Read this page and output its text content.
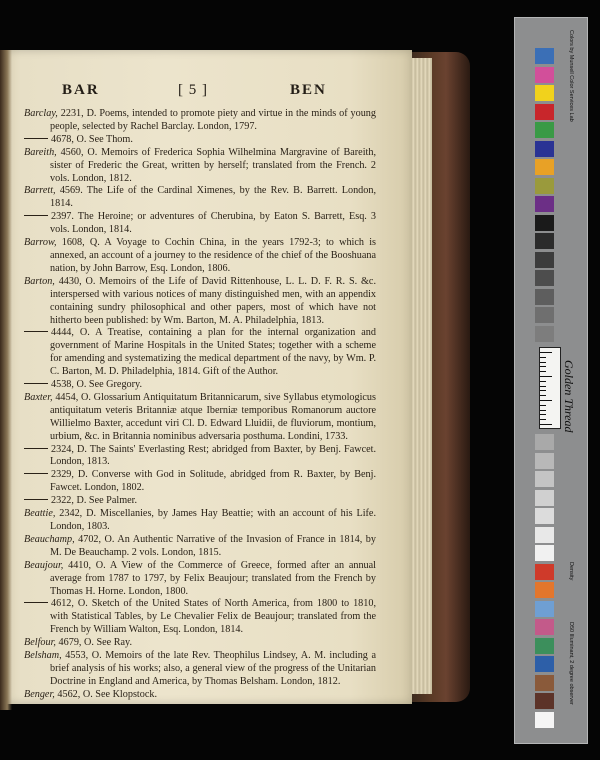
BAR	[ 5 ]	BEN

Barclay, 2231, D. Poems, intended to promote piety and virtue in the minds of young people, selected by Rachel Barclay. London, 1797.

4678, O. See Thom.

Bareith, 4560, O. Memoirs of Frederica Sophia Wilhelmina Margravine of Bareith, sister of Frederic the Great, written by herself; translated from the French. 2 vols. London, 1812.

Barrett, 4569. The Life of the Cardinal Ximenes, by the Rev. B. Barrett. London, 1814.

2397. The Heroine; or adventures of Cherubina, by Eaton S. Barrett, Esq. 3 vols. London, 1814.

Barrow, 1608, Q. A Voyage to Cochin China, in the years 1792-3; to which is annexed, an account of a journey to the residence of the chief of the Booshuana nation, by John Barrow, Esq. London, 1806.

Barton, 4430, O. Memoirs of the Life of David Rittenhouse, L. L. D. F. R. S. &c. interspersed with various notices of many distinguished men, with an appendix containing sundry philosophical and other papers, most of which have not hitherto been published: by Wm. Barton, M. A. Philadelphia, 1813.

4444, O. A Treatise, containing a plan for the internal organization and government of Marine Hospitals in the United States; together with a scheme for amending and systematizing the medical department of the navy, by Wm. P. C. Barton, M. D. Philadelphia, 1814. Gift of the Author.

4538, O. See Gregory.

Baxter, 4454, O. Glossarium Antiquitatum Britannicarum, sive Syllabus etymologicus antiquitatum veteris Britanniæ atque Iberniæ temporibus Romanorum auctore Willielmo Baxter, accedunt viri Cl. D. Edward Lluidii, de fluviorum, montium, urbium, &c. in Britannia nominibus adversaria posthuma. Londini, 1733.

2324, D. The Saints' Everlasting Rest; abridged from Baxter, by Benj. Fawcet. London, 1813.

2329, D. Converse with God in Solitude, abridged from R. Baxter, by Benj. Fawcet. London, 1802.

2322, D. See Palmer.

Beattie, 2342, D. Miscellanies, by James Hay Beattie; with an account of his Life. London, 1803.

Beauchamp, 4702, O. An Authentic Narrative of the Invasion of France in 1814, by M. De Beauchamp. 2 vols. London, 1815.

Beaujour, 4410, O. A View of the Commerce of Greece, formed after an annual average from 1787 to 1797, by Felix Beaujour; translated from the French by Thomas H. Horne. London, 1800.

4612, O. Sketch of the United States of North America, from 1800 to 1810, with Statistical Tables, by Le Chevalier Felix de Beaujour; translated from the French by William Walton, Esq. London, 1814.

Belfour, 4679, O. See Ray.

Belsham, 4553, O. Memoirs of the late Rev. Theophilus Lindsey, A. M. including a brief analysis of his works; also, a general view of the progress of the Unitarian Doctrine in England and America, by Thomas Belsham. London, 1812.

Benger, 4562, O. See Klopstock.

Colors by Munsell Color Services Lab
Golden Thread
Density
D50 Illuminant, 2 degree observer
